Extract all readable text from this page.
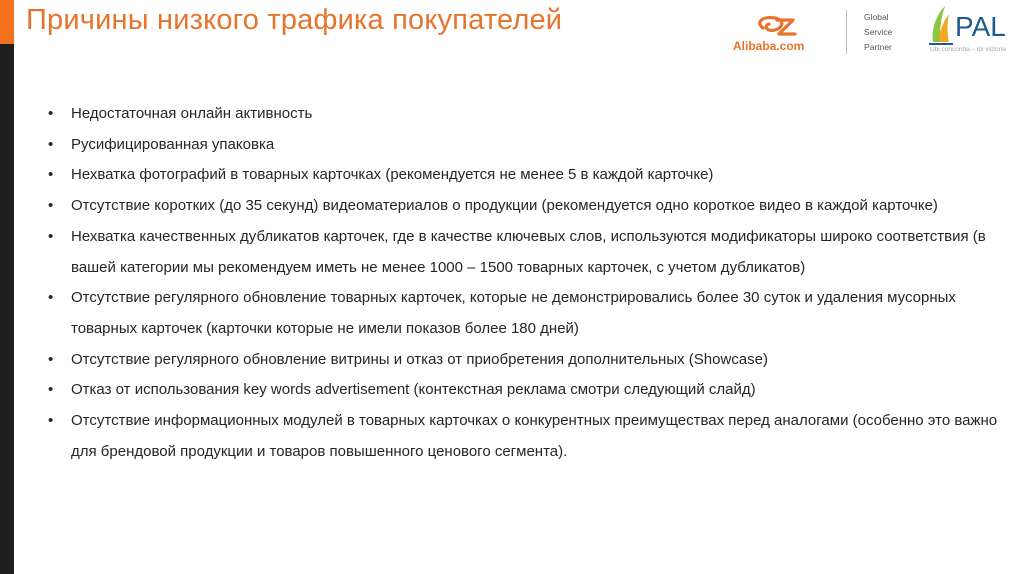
Причины низкого трафика покупателей
Alibaba.com
Global
Service
Partner
PAL
Ubi concordia – ibi victoria
•	Недостаточная онлайн активность
•	Русифицированная упаковка
•	Нехватка фотографий в товарных карточках (рекомендуется не менее 5 в каждой карточке)
•	Отсутствие коротких (до 35 секунд) видеоматериалов о продукции (рекомендуется одно короткое видео в каждой карточке)
•	Нехватка качественных дубликатов карточек, где в качестве ключевых слов, используются модификаторы широко соответствия (в вашей категории мы рекомендуем иметь не менее 1000 – 1500 товарных карточек, с учетом дубликатов)
•	Отсутствие регулярного обновление товарных карточек, которые не демонстрировались более 30 суток и удаления мусорных товарных карточек (карточки которые не имели показов более 180 дней)
•	Отсутствие регулярного обновление витрины и отказ от приобретения дополнительных (Showcase)
•	Отказ от использования key words advertisement (контекстная реклама смотри следующий слайд)
•	Отсутствие информационных модулей в товарных карточках о конкурентных преимуществах перед аналогами (особенно это важно для брендовой продукции и товаров повышенного ценового сегмента).
